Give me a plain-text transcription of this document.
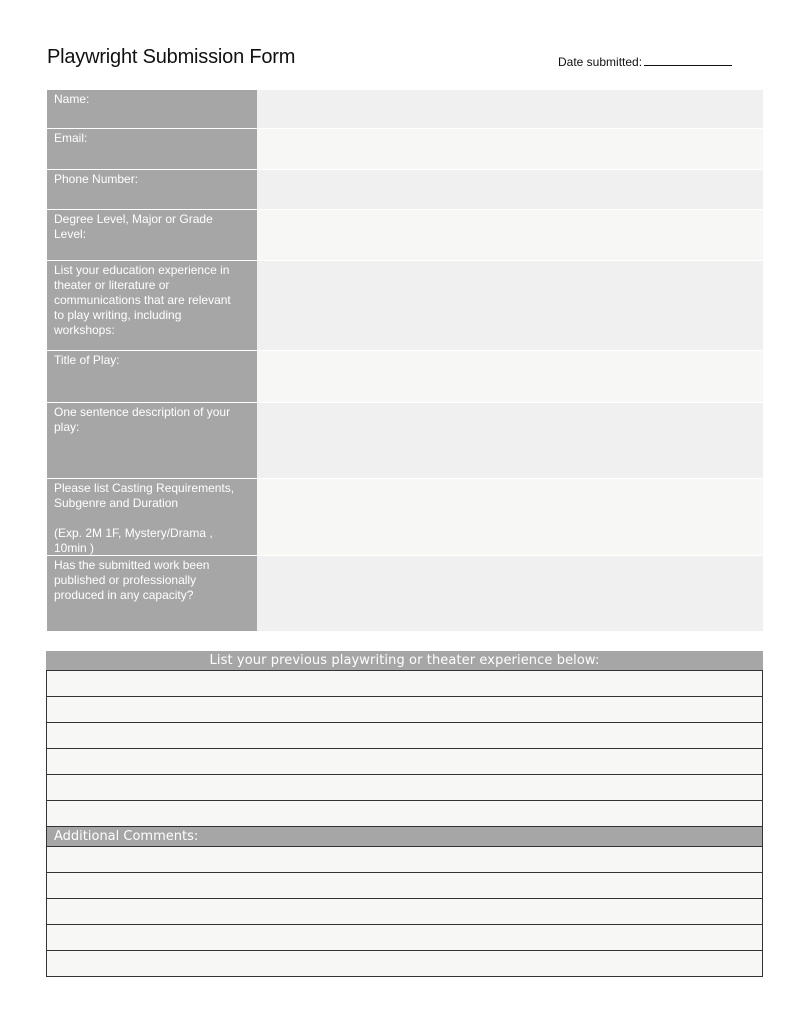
Playwright Submission Form	Date submitted:

Name:

Email:

Phone Number:

Degree Level, Major or Grade

Level:

List your education experience in

theater or literature or

communications that are relevant

to play writing, including

workshops:

Title of Play:

One sentence description of your

play:

Please list Casting Requirements,

Subgenre and Duration

(Exp. 2M 1F, Mystery/Drama ,

10min )

Has the submitted work been

published or professionally

produced in any capacity?

List your previous playwriting or theater experience below:
Additional Comments:
